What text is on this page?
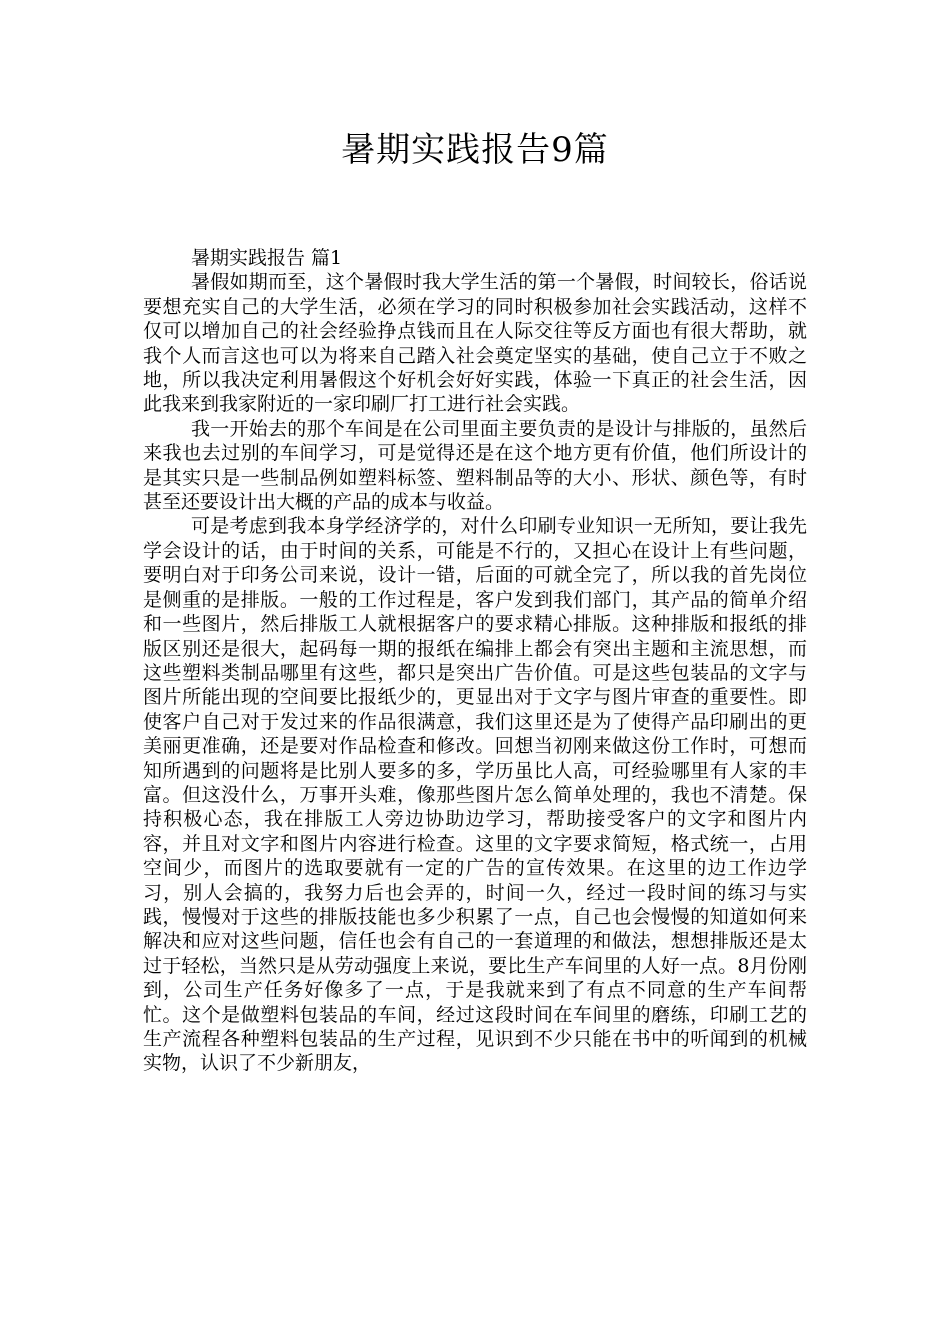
暑期实践报告9篇

暑期实践报告 篇1

暑假如期而至，这个暑假时我大学生活的第一个暑假，时间较长，俗话说要想充实自己的大学生活，必须在学习的同时积极参加社会实践活动，这样不仅可以增加自己的社会经验挣点钱而且在人际交往等反方面也有很大帮助，就我个人而言这也可以为将来自己踏入社会奠定坚实的基础，使自己立于不败之地，所以我决定利用暑假这个好机会好好实践，体验一下真正的社会生活，因此我来到我家附近的一家印刷厂打工进行社会实践。

我一开始去的那个车间是在公司里面主要负责的是设计与排版的，虽然后来我也去过别的车间学习，可是觉得还是在这个地方更有价值，他们所设计的是其实只是一些制品例如塑料标签、塑料制品等的大小、形状、颜色等，有时甚至还要设计出大概的产品的成本与收益。

可是考虑到我本身学经济学的，对什么印刷专业知识一无所知，要让我先学会设计的话，由于时间的关系，可能是不行的，又担心在设计上有些问题，要明白对于印务公司来说，设计一错，后面的可就全完了，所以我的首先岗位是侧重的是排版。一般的工作过程是，客户发到我们部门，其产品的简单介绍和一些图片，然后排版工人就根据客户的要求精心排版。这种排版和报纸的排版区别还是很大，起码每一期的报纸在编排上都会有突出主题和主流思想，而这些塑料类制品哪里有这些，都只是突出广告价值。可是这些包装品的文字与图片所能出现的空间要比报纸少的，更显出对于文字与图片审查的重要性。即使客户自己对于发过来的作品很满意，我们这里还是为了使得产品印刷出的更美丽更准确，还是要对作品检查和修改。回想当初刚来做这份工作时，可想而知所遇到的问题将是比别人要多的多，学历虽比人高，可经验哪里有人家的丰富。但这没什么，万事开头难，像那些图片怎么简单处理的，我也不清楚。保持积极心态，我在排版工人旁边协助边学习，帮助接受客户的文字和图片内容，并且对文字和图片内容进行检查。这里的文字要求简短，格式统一，占用空间少，而图片的选取要就有一定的广告的宣传效果。在这里的边工作边学习，别人会搞的，我努力后也会弄的，时间一久，经过一段时间的练习与实践，慢慢对于这些的排版技能也多少积累了一点，自己也会慢慢的知道如何来解决和应对这些问题，信任也会有自己的一套道理的和做法，想想排版还是太过于轻松，当然只是从劳动强度上来说，要比生产车间里的人好一点。8月份刚到，公司生产任务好像多了一点，于是我就来到了有点不同意的生产车间帮忙。这个是做塑料包装品的车间，经过这段时间在车间里的磨练，印刷工艺的生产流程各种塑料包装品的生产过程，见识到不少只能在书中的听闻到的机械实物，认识了不少新朋友，
